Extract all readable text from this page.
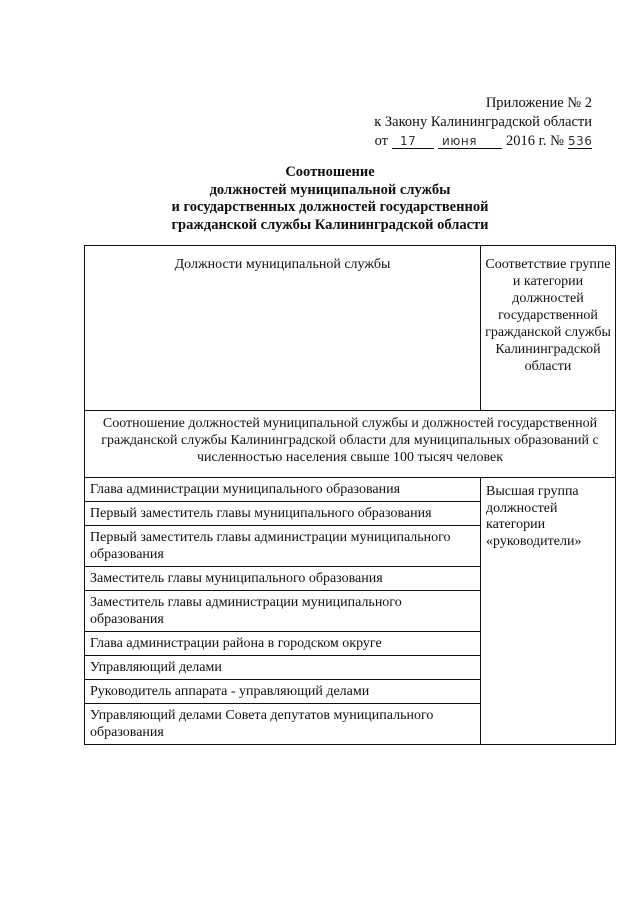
Приложение № 2
к Закону Калининградской области
от	17	июня	2016 г. № 536
Соотношение
должностей муниципальной службы
и государственных должностей государственной
гражданской службы Калининградской области
Должности муниципальной службы	Соответствие группе и категории должностей государственной гражданской службы Калининградской области
Соотношение должностей муниципальной службы и должностей государственной гражданской службы Калининградской области для муниципальных образований с численностью населения свыше 100 тысяч человек	
Глава администрации муниципального образования	Высшая группа должностей категории «руководители»
Первый заместитель главы муниципального образования	
Первый заместитель главы администрации муниципального образования	
Заместитель главы муниципального образования	
Заместитель главы администрации муниципального образования	
Глава администрации района в городском округе	
Управляющий делами	
Руководитель аппарата - управляющий делами	
Управляющий делами Совета депутатов муниципального образования	
